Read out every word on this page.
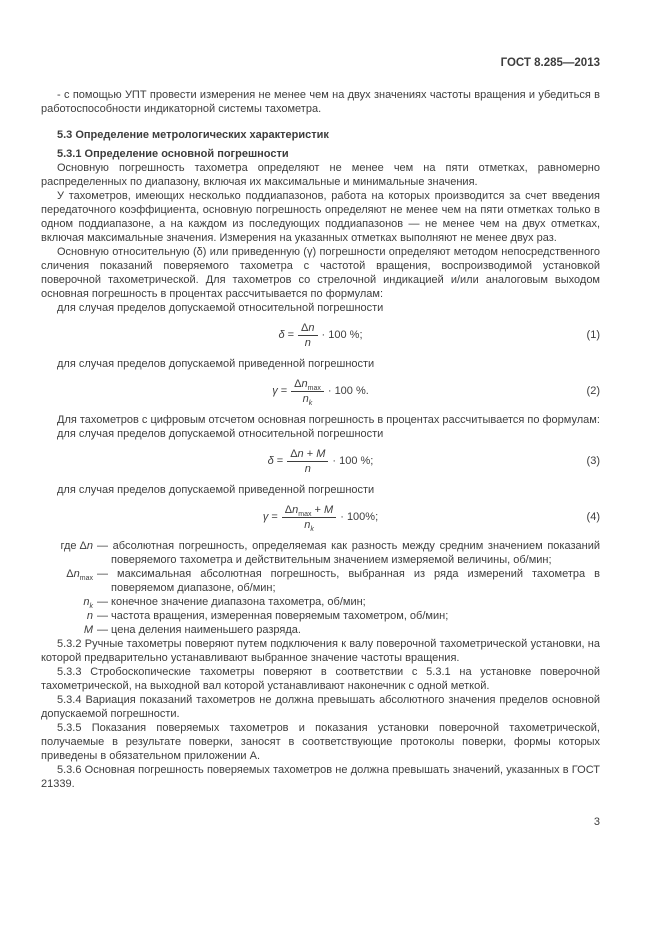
ГОСТ 8.285—2013

- с помощью УПТ провести измерения не менее чем на двух значениях частоты вращения и убедиться в работоспособности индикаторной системы тахометра.

5.3 Определение метрологических характеристик

5.3.1 Определение основной погрешности

Основную погрешность тахометра определяют не менее чем на пяти отметках, равномерно распределенных по диапазону, включая их максимальные и минимальные значения.

У тахометров, имеющих несколько поддиапазонов, работа на которых производится за счет введения передаточного коэффициента, основную погрешность определяют не менее чем на пяти отметках только в одном поддиапазоне, а на каждом из последующих поддиапазонов — не менее чем на двух отметках, включая максимальные значения. Измерения на указанных отметках выполняют не менее двух раз.

Основную относительную (δ) или приведенную (γ) погрешности определяют методом непосредственного сличения показаний поверяемого тахометра с частотой вращения, воспроизводимой установкой поверочной тахометрической. Для тахометров со стрелочной индикацией и/или аналоговым выходом основная погрешность в процентах рассчитывается по формулам:

для случая пределов допускаемой относительной погрешности

$\delta = \frac{\Delta n}{n} \cdot 100$ %;	(1)

для случая пределов допускаемой приведенной погрешности

$\gamma = \frac{\Delta n_{max}}{n_k} \cdot 100$ %.	(2)

Для тахометров с цифровым отсчетом основная погрешность в процентах рассчитывается по формулам:

для случая пределов допускаемой относительной погрешности

$\delta = \frac{\Delta n + M}{n} \cdot 100$ %;	(3)

для случая пределов допускаемой приведенной погрешности

$\gamma = \frac{\Delta n_{max} + M}{n_k} \cdot 100\%$;	(4)
где Δn — абсолютная погрешность, определяемая как разность между средним значением показаний поверяемого тахометра и действительным значением измеряемой величины, об/мин;
$\Delta n_{max}$ — максимальная абсолютная погрешность, выбранная из ряда измерений тахометра в поверяемом диапазоне, об/мин;
$n_k$ — конечное значение диапазона тахометра, об/мин;
n — частота вращения, измеренная поверяемым тахометром, об/мин;
M — цена деления наименьшего разряда.

5.3.2 Ручные тахометры поверяют путем подключения к валу поверочной тахометрической установки, на которой предварительно устанавливают выбранное значение частоты вращения.

5.3.3 Стробоскопические тахометры поверяют в соответствии с 5.3.1 на установке поверочной тахометрической, на выходной вал которой устанавливают наконечник с одной меткой.

5.3.4 Вариация показаний тахометров не должна превышать абсолютного значения пределов основной допускаемой погрешности.

5.3.5 Показания поверяемых тахометров и показания установки поверочной тахометрической, получаемые в результате поверки, заносят в соответствующие протоколы поверки, формы которых приведены в обязательном приложении А.

5.3.6 Основная погрешность поверяемых тахометров не должна превышать значений, указанных в ГОСТ 21339.

3
